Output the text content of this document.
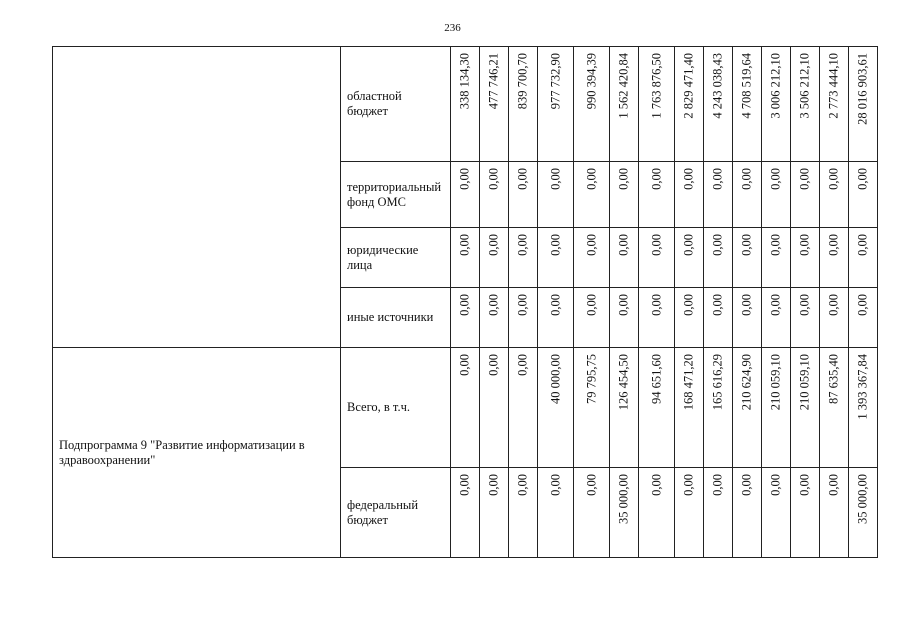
236
	областной бюджет	338 134,30	477 746,21	839 700,70	977 732,90	990 394,39	1 562 420,84	1 763 876,50	2 829 471,40	4 243 038,43	4 708 519,64	3 006 212,10	3 506 212,10	2 773 444,10	28 016 903,61

	территориальный фонд ОМС	0,00	0,00	0,00	0,00	0,00	0,00	0,00	0,00	0,00	0,00	0,00	0,00	0,00	0,00

	юридические лица	0,00	0,00	0,00	0,00	0,00	0,00	0,00	0,00	0,00	0,00	0,00	0,00	0,00	0,00

	иные источники	0,00	0,00	0,00	0,00	0,00	0,00	0,00	0,00	0,00	0,00	0,00	0,00	0,00	0,00

Подпрограмма 9 "Развитие информатизации в здравоохранении"	Всего, в т.ч.	0,00	0,00	0,00	40 000,00	79 795,75	126 454,50	94 651,60	168 471,20	165 616,29	210 624,90	210 059,10	210 059,10	87 635,40	1 393 367,84

	федеральный бюджет	0,00	0,00	0,00	0,00	0,00	35 000,00	0,00	0,00	0,00	0,00	0,00	0,00	0,00	35 000,00
